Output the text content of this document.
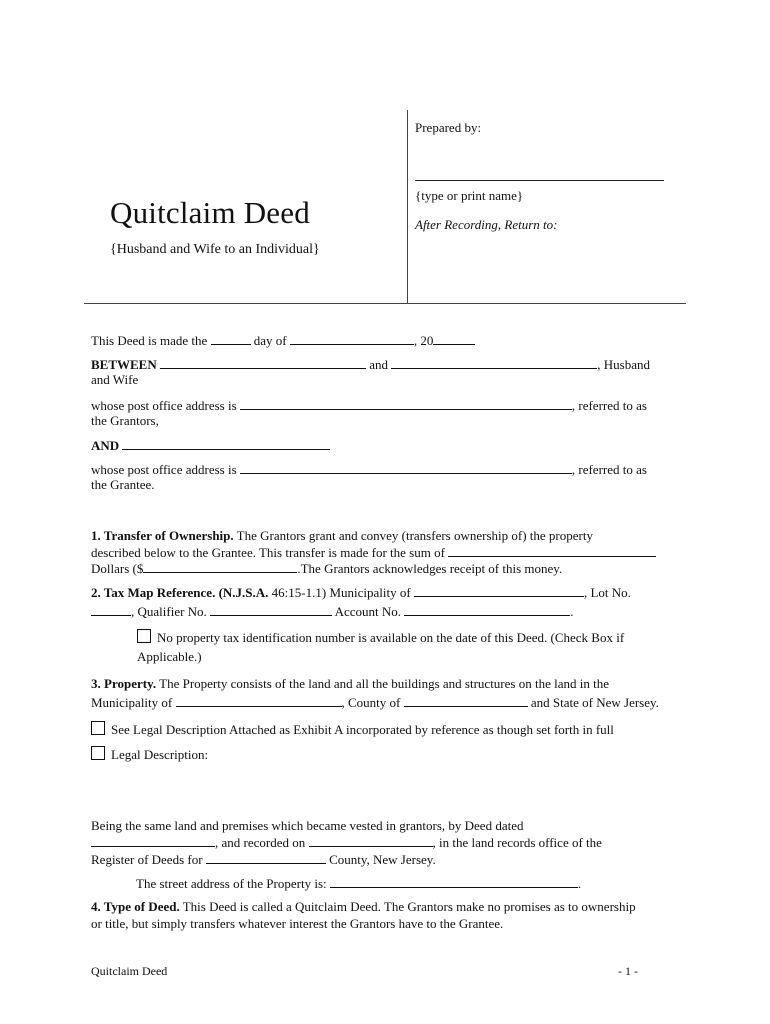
Prepared by:
{type or print name}
After Recording, Return to:
Quitclaim Deed
{Husband and Wife to an Individual}
This Deed is made the	day of	, 20
BETWEEN	and	, Husband
and Wife
whose post office address is	, referred to as
the Grantors,
AND
whose post office address is	, referred to as
the Grantee.
1. Transfer of Ownership. The Grantors grant and convey (transfers ownership of) the property
described below to the Grantee. This transfer is made for the sum of
Dollars ($	.The Grantors acknowledges receipt of this money.
2. Tax Map Reference. (N.J.S.A. 46:15-1.1) Municipality of	, Lot No.
, Qualifier No.	Account No.	.
No property tax identification number is available on the date of this Deed. (Check Box if
Applicable.)
3. Property. The Property consists of the land and all the buildings and structures on the land in the
Municipality of	, County of	and State of New Jersey.
See Legal Description Attached as Exhibit A incorporated by reference as though set forth in full
Legal Description:
Being the same land and premises which became vested in grantors, by Deed dated
, and recorded on	, in the land records office of the
Register of Deeds for	County, New Jersey.
The street address of the Property is:	.
4. Type of Deed. This Deed is called a Quitclaim Deed. The Grantors make no promises as to ownership
or title, but simply transfers whatever interest the Grantors have to the Grantee.
Quitclaim Deed	- 1 -
